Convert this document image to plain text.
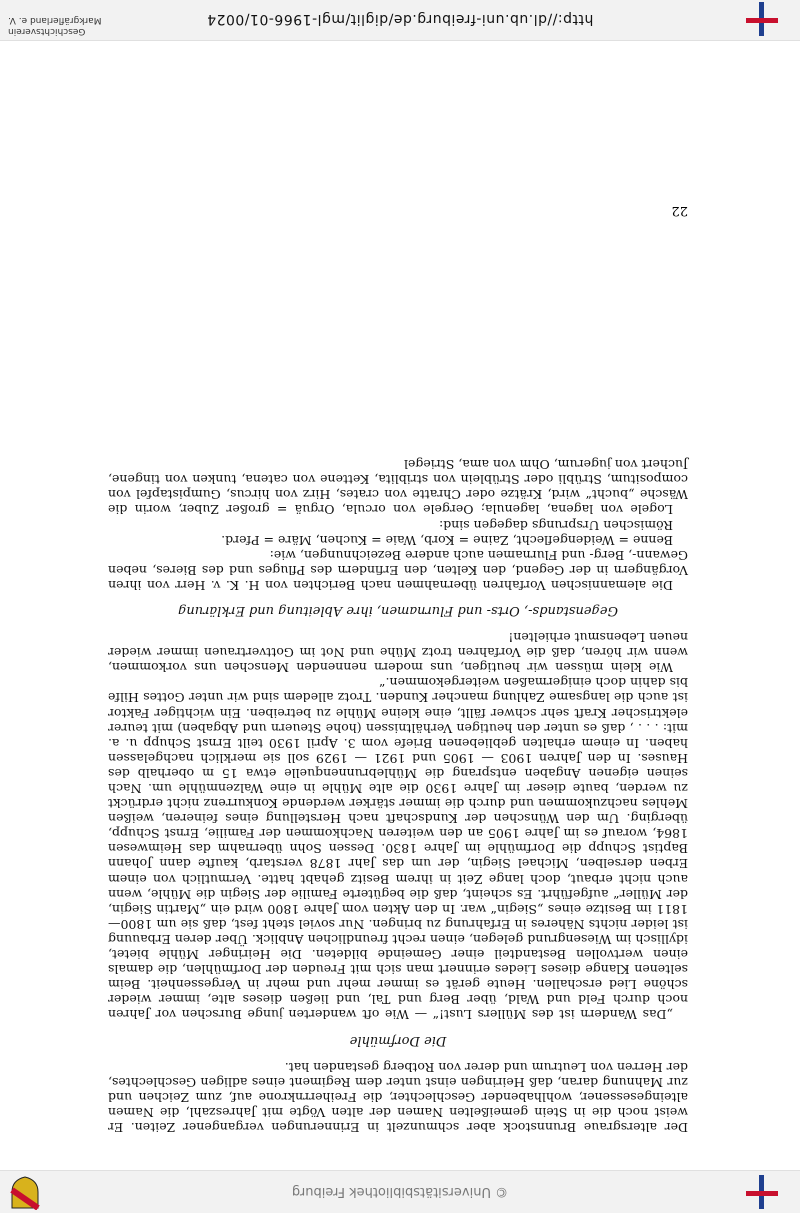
© Universitätsbibliothek Freiburg

Der altersgraue Brunnstock aber schmunzelt in Erinnerungen vergangener Zeiten. Er weist noch die in Stein gemeißelten Namen der alten Vögte mit Jahreszahl, die Namen alteingesessener, wohlhabender Geschlechter, die Freiherrnkrone auf, zum Zeichen und zur Mahnung daran, daß Heiringen einst unter dem Regiment eines adligen Geschlechtes, der Herren von Leutrum und derer von Rotberg gestanden hat.

Die Dorfmühle

„Das Wandern ist des Müllers Lust!“ — Wie oft wanderten junge Burschen vor Jahren noch durch Feld und Wald, über Berg und Tal, und ließen dieses alte, immer wieder schöne Lied erschallen. Heute gerät es immer mehr und mehr in Vergessenheit. Beim seltenen Klange dieses Liedes erinnert man sich mit Freuden der Dorfmühlen, die damals einen wertvollen Bestandteil einer Gemeinde bildeten. Die Heiringer Mühle bietet, idyllisch im Wiesengrund gelegen, einen recht freundlichen Anblick. Über deren Erbauung ist leider nichts Näheres in Erfahrung zu bringen. Nur soviel steht fest, daß sie um 1800—1811 im Besitze eines „Siegin“ war. In den Akten vom Jahre 1800 wird ein „Martin Siegin, der Müller“ aufgeführt. Es scheint, daß die begüterte Familie der Siegin die Mühle, wenn auch nicht erbaut, doch lange Zeit in ihrem Besitz gehabt hatte. Vermutlich von einem Erben derselben, Michael Siegin, der um das Jahr 1878 verstarb, kaufte dann Johann Baptist Schupp die Dorfmühle im Jahre 1830. Dessen Sohn übernahm das Heimwesen 1864, worauf es im Jahre 1905 an den weiteren Nachkommen der Familie, Ernst Schupp, überging. Um den Wünschen der Kundschaft nach Herstellung eines feineren, weißen Mehles nachzukommen und durch die immer stärker werdende Konkurrenz nicht erdrückt zu werden, baute dieser im Jahre 1930 die alte Mühle in eine Walzenmühle um. Nach seinen eigenen Angaben entsprang die Mühlebrunnenquelle etwa 15 m oberhalb des Hauses. In den Jahren 1903 — 1905 und 1921 — 1929 soll sie merklich nachgelassen haben. In einem erhalten gebliebenen Briefe vom 3. April 1930 teilt Ernst Schupp u. a. mit: . . . , daß es unter den heutigen Verhältnissen (hohe Steuern und Abgaben) mit teurer elektrischer Kraft sehr schwer fällt, eine kleine Mühle zu betreiben. Ein wichtiger Faktor ist auch die langsame Zahlung mancher Kunden. Trotz alledem sind wir unter Gottes Hilfe bis dahin doch einigermaßen weitergekommen.“

Wie klein müssen wir heutigen, uns modern nennenden Menschen uns vorkommen, wenn wir hören, daß die Vorfahren trotz Mühe und Not im Gottvertrauen immer wieder neuen Lebensmut erhielten!

Gegenstands-, Orts- und Flurnamen, ihre Ableitung und Erklärung

Die alemannischen Vorfahren übernahmen nach Berichten von H. K. v. Herr von ihren Vorgängern in der Gegend, den Kelten, den Erfindern des Pfluges und des Bieres, neben Gewann-, Berg- und Flurnamen auch andere Bezeichnungen, wie:

Benne = Weidengeflecht, Zaine = Korb, Waie = Kuchen, Märe = Pferd.

Römischen Ursprungs dagegen sind:

Logele von lagena, lagenula; Oergele von orcula, Orguä = großer Zuber, worin die Wäsche „bucht“ wird, Krätze oder Chratte von crates, Hirz von hircus, Gumpistapfel von compositum, Strübli oder Strüblein von striblita, Kettene von catena, tunken von tingene, Juchert von jugerum, Ohm von ama, Striegel

22
http://dl.ub.uni-freiburg.de/diglit/mgl-1966-01/0024
Geschichtsverein Markgräflerland e. V.
